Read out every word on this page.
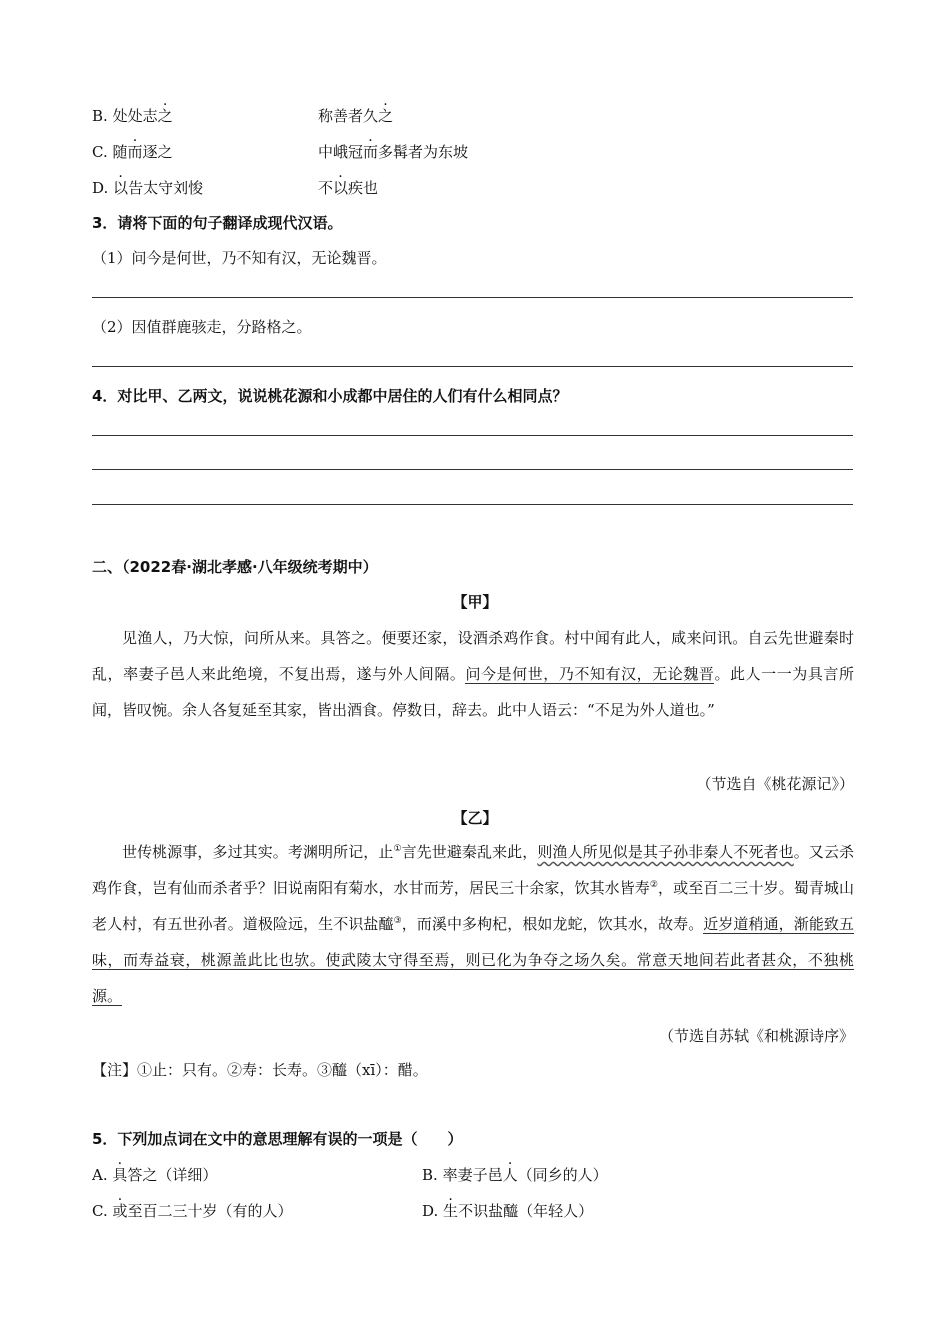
B. 处处志之	称善者久之
C. 随而逐之	中峨冠而多髯者为东坡
D. 以告太守刘悛	不以疾也
3．请将下面的句子翻译成现代汉语。
（1）问今是何世，乃不知有汉，无论魏晋。
（2）因值群鹿骇走，分路格之。
4．对比甲、乙两文，说说桃花源和小成都中居住的人们有什么相同点？
二、（2022春·湖北孝感·八年级统考期中）
【甲】
见渔人，乃大惊，问所从来。具答之。便要还家，设酒杀鸡作食。村中闻有此人，咸来问讯。自云先世避秦时乱，率妻子邑人来此绝境，不复出焉，遂与外人间隔。问今是何世，乃不知有汉，无论魏晋。此人一一为具言所闻，皆叹惋。余人各复延至其家，皆出酒食。停数日，辞去。此中人语云：“不足为外人道也。”
（节选自《桃花源记》）
【乙】
世传桃源事，多过其实。考渊明所记，止①言先世避秦乱来此，则渔人所见似是其子孙非秦人不死者也。又云杀鸡作食，岂有仙而杀者乎？旧说南阳有菊水，水甘而芳，居民三十余家，饮其水皆寿②，或至百二三十岁。蜀青城山老人村，有五世孙者。道极险远，生不识盐醯③，而溪中多枸杞，根如龙蛇，饮其水，故寿。近岁道稍通，渐能致五味，而寿益衰，桃源盖此比也欤。使武陵太守得至焉，则已化为争夺之场久矣。常意天地间若此者甚众，不独桃源。
（节选自苏轼《和桃源诗序》
【注】①止：只有。②寿：长寿。③醯（xī）：醋。
5．下列加点词在文中的意思理解有误的一项是（　　）
A. 具答之（详细）	B. 率妻子邑人（同乡的人）
C. 或至百二三十岁（有的人）	D. 生不识盐醯（年轻人）
